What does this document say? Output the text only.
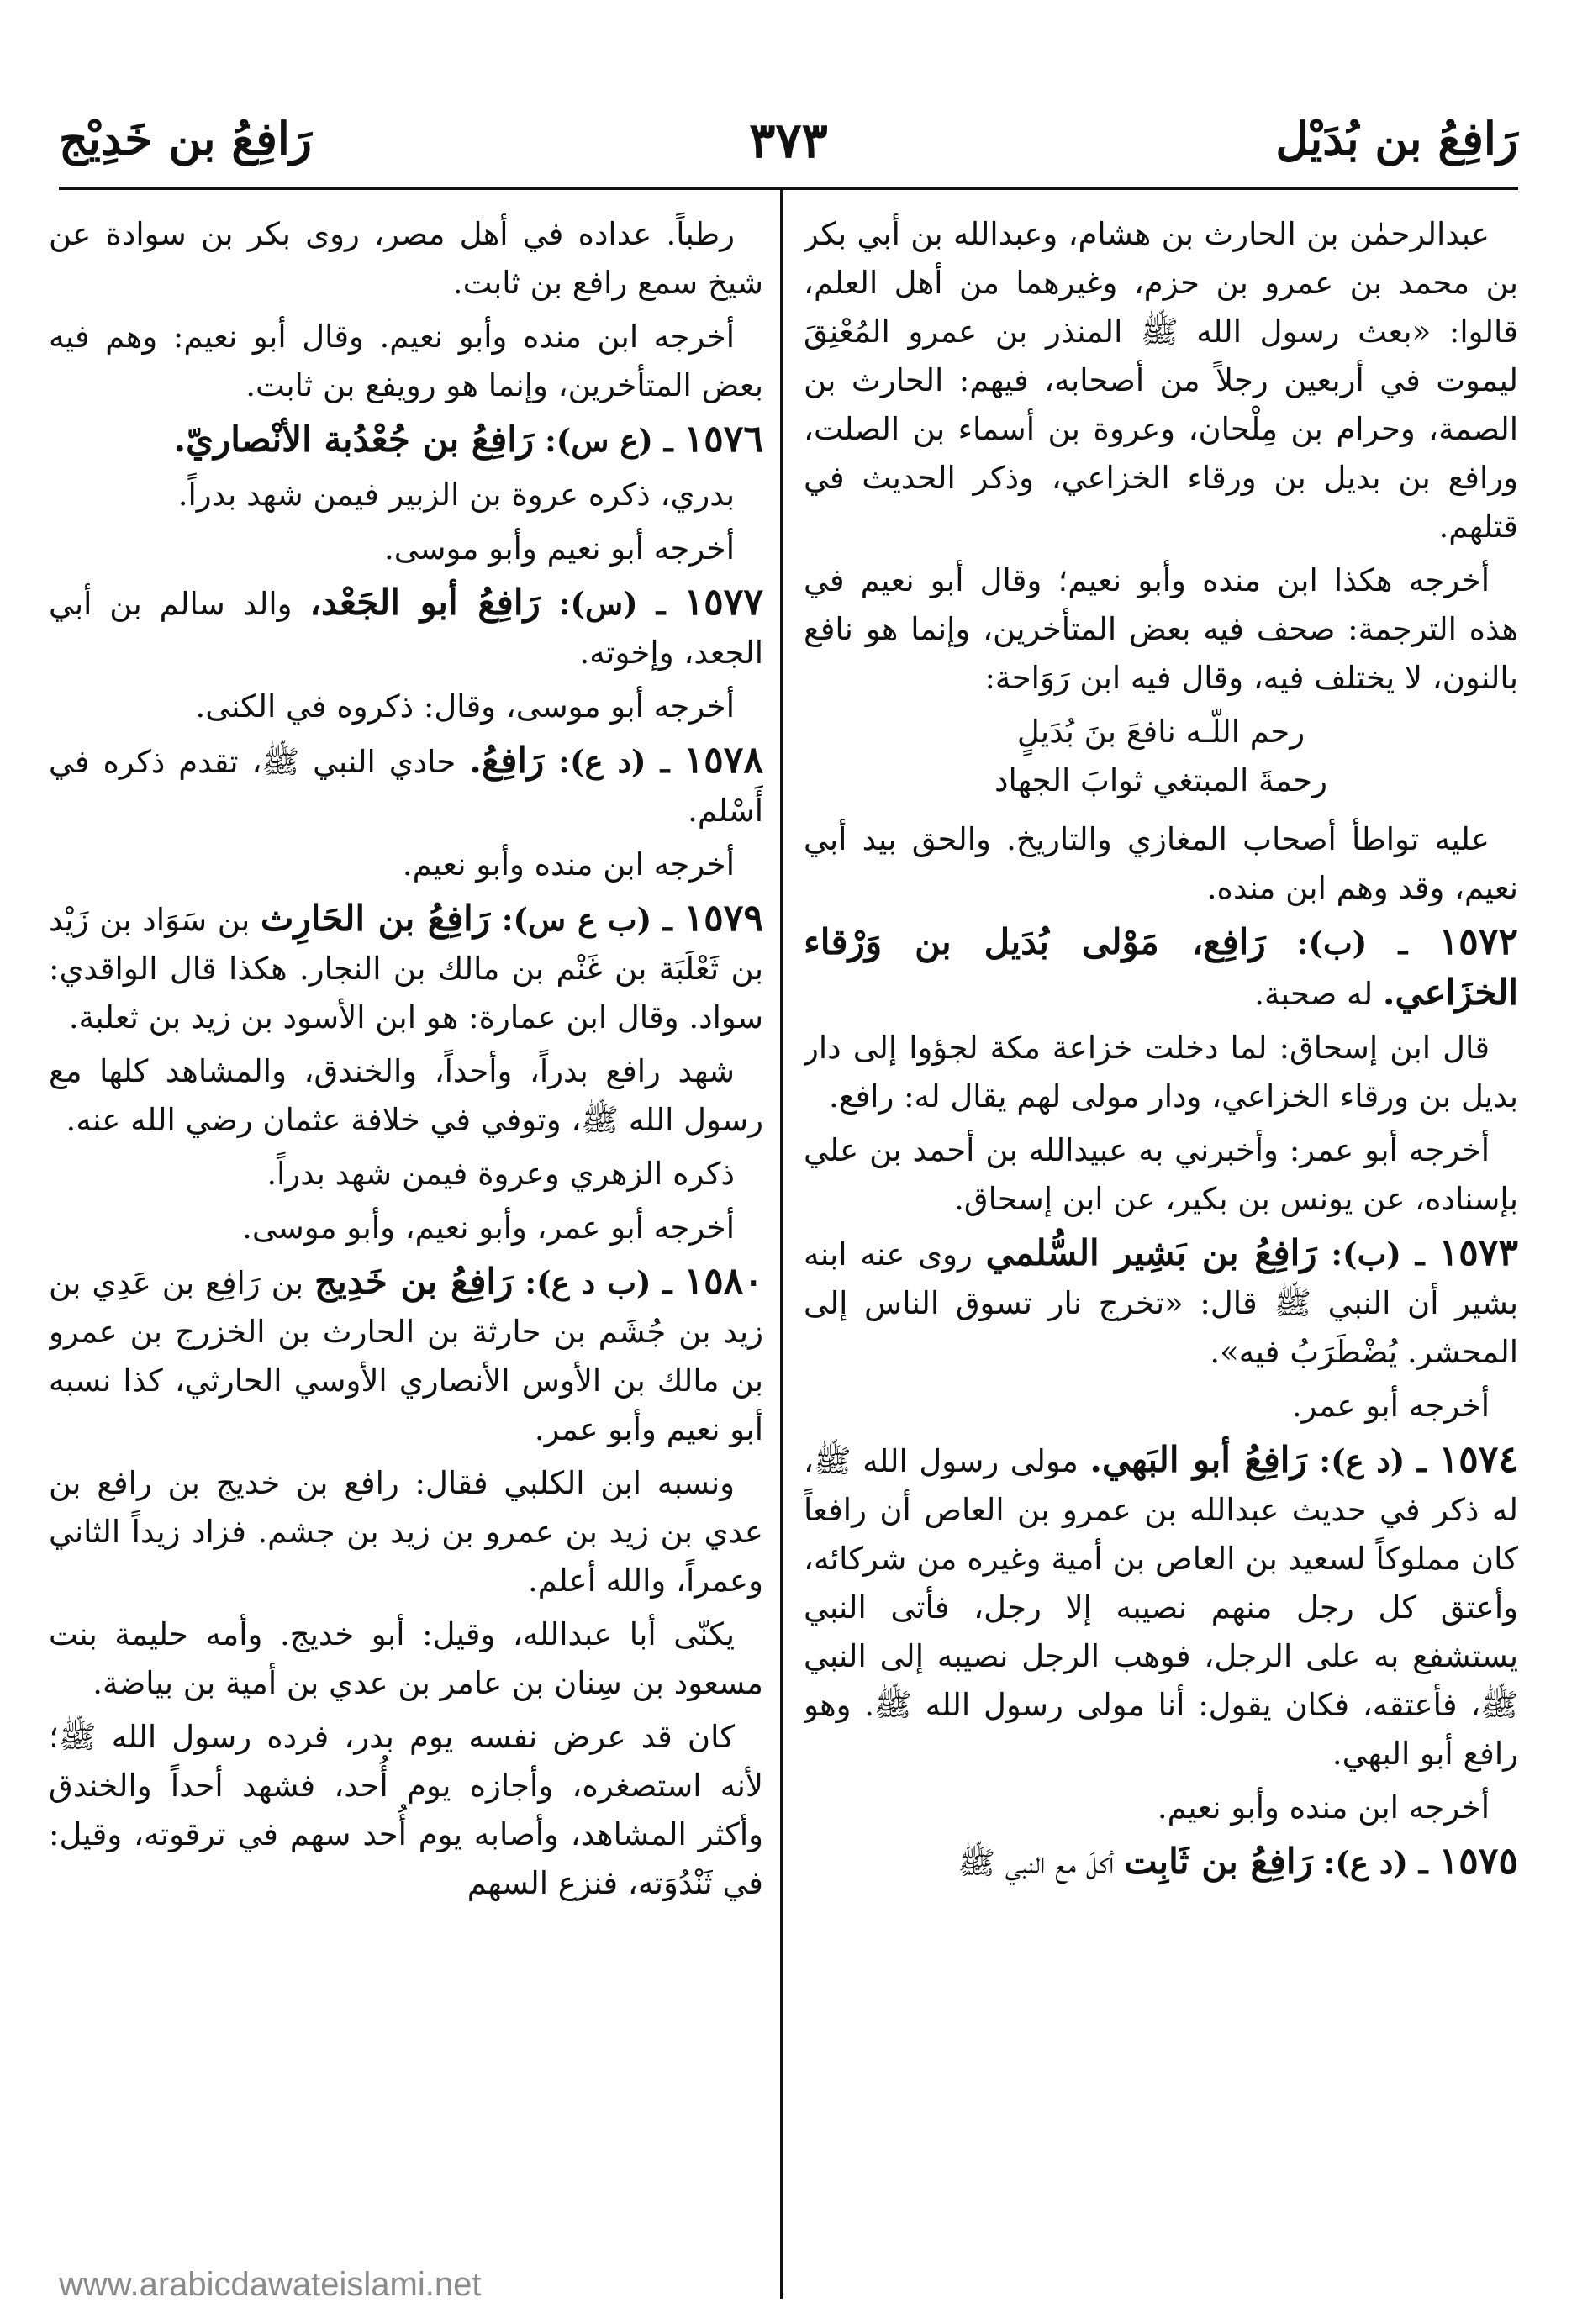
رَافِعُ بن بُدَيْل
٣٧٣
رَافِعُ بن خَدِيْج

عبدالرحمٰن بن الحارث بن هشام، وعبدالله بن أبي بكر بن محمد بن عمرو بن حزم، وغيرهما من أهل العلم، قالوا: «بعث رسول الله ﷺ المنذر بن عمرو المُعْنِقَ ليموت في أربعين رجلاً من أصحابه، فيهم: الحارث بن الصمة، وحرام بن مِلْحان، وعروة بن أسماء بن الصلت، ورافع بن بديل بن ورقاء الخزاعي، وذكر الحديث في قتلهم.

أخرجه هكذا ابن منده وأبو نعيم؛ وقال أبو نعيم في هذه الترجمة: صحف فيه بعض المتأخرين، وإنما هو نافع بالنون، لا يختلف فيه، وقال فيه ابن رَوَاحة:

رحم اللّـه نافعَ بنَ بُدَيلٍ
رحمةَ المبتغي ثوابَ الجهاد

عليه تواطأ أصحاب المغازي والتاريخ. والحق بيد أبي نعيم، وقد وهم ابن منده.

١٥٧٢ ـ (ب): رَافِع، مَوْلى بُدَيل بن وَرْقاء الخزَاعي. له صحبة.

قال ابن إسحاق: لما دخلت خزاعة مكة لجؤوا إلى دار بديل بن ورقاء الخزاعي، ودار مولى لهم يقال له: رافع.

أخرجه أبو عمر: وأخبرني به عبيدالله بن أحمد بن علي بإسناده، عن يونس بن بكير، عن ابن إسحاق.

١٥٧٣ ـ (ب): رَافِعُ بن بَشِير السُّلمي روى عنه ابنه بشير أن النبي ﷺ قال: «تخرج نار تسوق الناس إلى المحشر. يُضْطَرَبُ فيه».

أخرجه أبو عمر.

١٥٧٤ ـ (د ع): رَافِعُ أبو البَهي. مولى رسول الله ﷺ، له ذكر في حديث عبدالله بن عمرو بن العاص أن رافعاً كان مملوكاً لسعيد بن العاص بن أمية وغيره من شركائه، وأعتق كل رجل منهم نصيبه إلا رجل، فأتى النبي يستشفع به على الرجل، فوهب الرجل نصيبه إلى النبي ﷺ، فأعتقه، فكان يقول: أنا مولى رسول الله ﷺ. وهو رافع أبو البهي.

أخرجه ابن منده وأبو نعيم.

١٥٧٥ ـ (د ع): رَافِعُ بن ثَابِت أكلَ مع النبي ﷺ

رطباً. عداده في أهل مصر، روى بكر بن سوادة عن شيخ سمع رافع بن ثابت.

أخرجه ابن منده وأبو نعيم. وقال أبو نعيم: وهم فيه بعض المتأخرين، وإنما هو رويفع بن ثابت.

١٥٧٦ ـ (ع س): رَافِعُ بن جُعْدُبة الأنْصاريّ.

بدري، ذكره عروة بن الزبير فيمن شهد بدراً.

أخرجه أبو نعيم وأبو موسى.

١٥٧٧ ـ (س): رَافِعُ أبو الجَعْد، والد سالم بن أبي الجعد، وإخوته.

أخرجه أبو موسى، وقال: ذكروه في الكنى.

١٥٧٨ ـ (د ع): رَافِعُ. حادي النبي ﷺ، تقدم ذكره في أَسْلم.

أخرجه ابن منده وأبو نعيم.

١٥٧٩ ـ (ب ع س): رَافِعُ بن الحَارِث بن سَوَاد بن زَيْد بن ثَعْلَبَة بن غَنْم بن مالك بن النجار. هكذا قال الواقدي: سواد. وقال ابن عمارة: هو ابن الأسود بن زيد بن ثعلبة.

شهد رافع بدراً، وأحداً، والخندق، والمشاهد كلها مع رسول الله ﷺ، وتوفي في خلافة عثمان رضي الله عنه.

ذكره الزهري وعروة فيمن شهد بدراً.

أخرجه أبو عمر، وأبو نعيم، وأبو موسى.

١٥٨٠ ـ (ب د ع): رَافِعُ بن خَدِيج بن رَافِع بن عَدِي بن زيد بن جُشَم بن حارثة بن الحارث بن الخزرج بن عمرو بن مالك بن الأوس الأنصاري الأوسي الحارثي، كذا نسبه أبو نعيم وأبو عمر.

ونسبه ابن الكلبي فقال: رافع بن خديج بن رافع بن عدي بن زيد بن عمرو بن زيد بن جشم. فزاد زيداً الثاني وعمراً، والله أعلم.

يكنّى أبا عبدالله، وقيل: أبو خديج. وأمه حليمة بنت مسعود بن سِنان بن عامر بن عدي بن أمية بن بياضة.

كان قد عرض نفسه يوم بدر، فرده رسول الله ﷺ؛ لأنه استصغره، وأجازه يوم أُحد، فشهد أحداً والخندق وأكثر المشاهد، وأصابه يوم أُحد سهم في ترقوته، وقيل: في ثَنْدُوَته، فنزع السهم

www.arabicdawateislami.net
